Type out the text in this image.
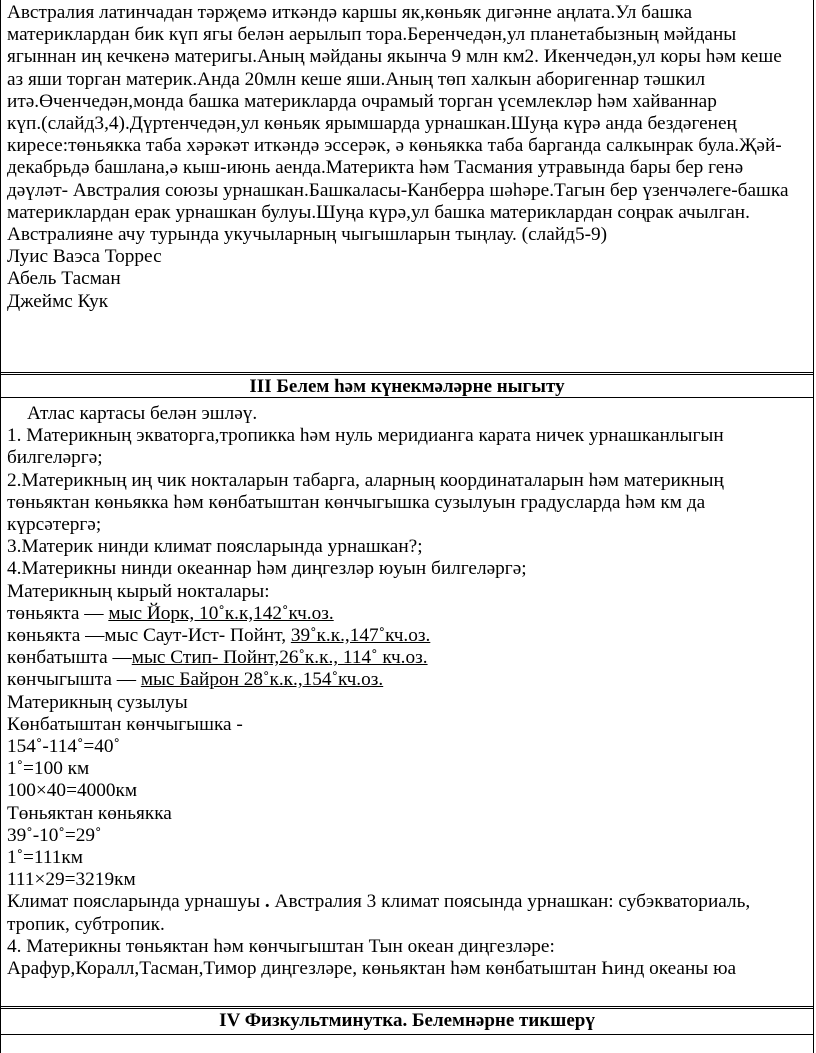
Австралия латинчадан тәрҗемә иткәндә каршы як,көньяк дигәнне аңлата.Ул башка

материклардан бик күп ягы белән аерылып тора.Беренчедән,ул планетабызның мәйданы

ягыннан иң кечкенә материгы.Аның мәйданы якынча 9 млн км2. Икенчедән,ул коры һәм кеше

аз яши торган материк.Анда 20млн кеше яши.Аның төп халкын аборигеннар тәшкил

итә.Өченчедән,монда башка материкларда очрамый торган үсемлекләр һәм хайваннар

күп.(слайд3,4).Дүртенчедән,ул көньяк ярымшарда урнашкан.Шуңа күрә анда бездәгенең

киресе:төньякка таба хәрәкәт иткәндә эссерәк, ә көньякка таба барганда салкынрак була.Җәй-

декабрьдә башлана,ә кыш-июнь аенда.Материкта һәм Тасмания утравында бары бер генә

дәүләт- Австралия союзы урнашкан.Башкаласы-Канберра шәһәре.Тагын бер үзенчәлеге-башка

материклардан ерак урнашкан булуы.Шуңа күрә,ул башка материклардан соңрак ачылган.

Австралияне ачу турында укучыларның чыгышларын тыңлау. (слайд5-9)

Луис Ваэса Торрес

Абель Тасман

Джеймс Кук

III Белем һәм күнекмәләрне ныгыту

Атлас картасы белән эшләү.

1. Материкның экваторга,тропикка һәм нуль меридианга карата ничек урнашканлыгын

билгеләргә;

2.Материкның иң чик нокталарын табарга, аларның координаталарын һәм материкның

төньяктан көньякка һәм көнбатыштан көнчыгышка сузылуын градусларда һәм км да

күрсәтергә;

3.Материк нинди климат поясларында урнашкан?;

4.Материкны нинди океаннар һәм диңгезләр юуын билгеләргә;

Материкның кырый нокталары:

төньякта — мыс Йорк, 10˚к.к,142˚кч.оз.

көньякта —мыс Саут-Ист- Пойнт, 39˚к.к.,147˚кч.оз.

көнбатышта —мыс Стип- Пойнт,26˚к.к., 114˚ кч.оз.

көнчыгышта — мыс Байрон 28˚к.к.,154˚кч.оз.

Материкның сузылуы

Көнбатыштан көнчыгышка -

154˚-114˚=40˚

1˚=100 км

100×40=4000км

Төньяктан көньякка

39˚-10˚=29˚

1˚=111км

111×29=3219км

Климат поясларында урнашуы . Австралия 3 климат поясында урнашкан: субэкваториаль,

тропик, субтропик.

4. Материкны төньяктан һәм көнчыгыштан Тын океан диңгезләре:

Арафур,Коралл,Тасман,Тимор диңгезләре, көньяктан һәм көнбатыштан Һинд океаны юа

IV Физкультминутка. Белемнәрне тикшерү
